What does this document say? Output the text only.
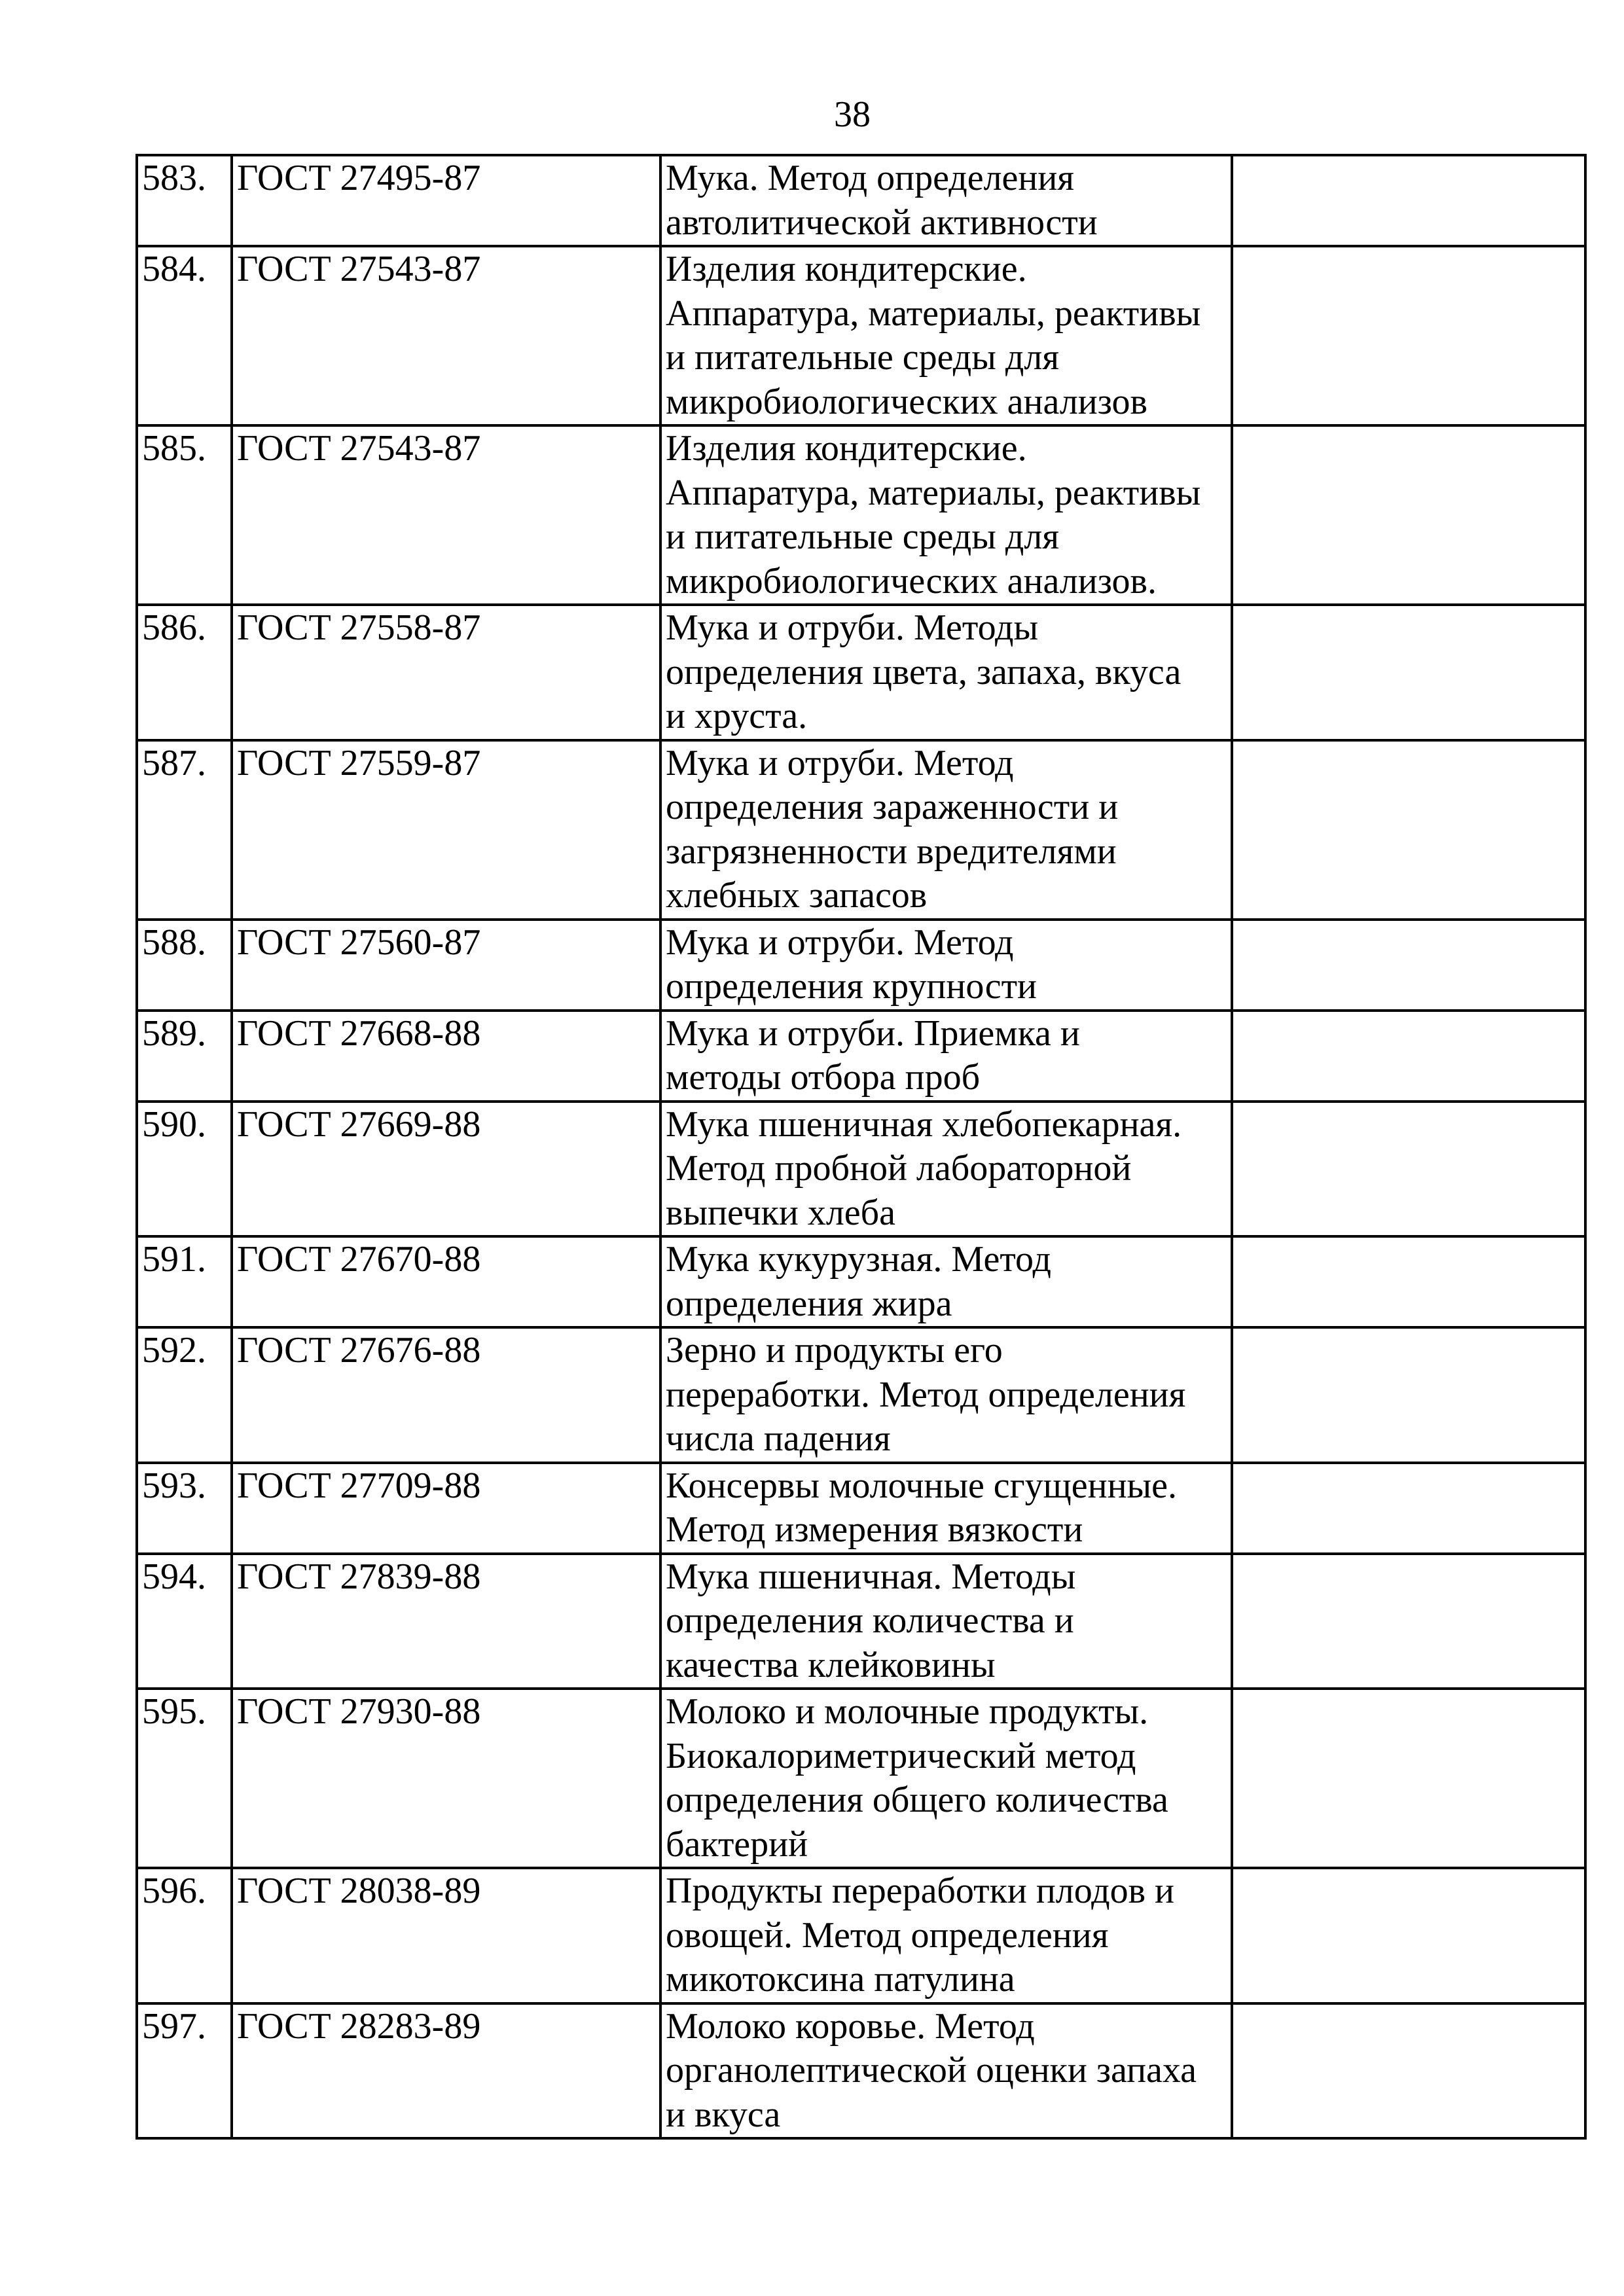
38
583.	ГОСТ 27495-87	Мука. Метод определения
автолитической активности	
584.	ГОСТ 27543-87	Изделия кондитерские.
Аппаратура, материалы, реактивы
и питательные среды для
микробиологических анализов	
585.	ГОСТ 27543-87	Изделия кондитерские.
Аппаратура, материалы, реактивы
и питательные среды для
микробиологических анализов.	
586.	ГОСТ 27558-87	Мука и отруби. Методы
определения цвета, запаха, вкуса
и хруста.	
587.	ГОСТ 27559-87	Мука и отруби. Метод
определения зараженности и
загрязненности вредителями
хлебных запасов	
588.	ГОСТ 27560-87	Мука и отруби. Метод
определения крупности	
589.	ГОСТ 27668-88	Мука и отруби. Приемка и
методы отбора проб	
590.	ГОСТ 27669-88	Мука пшеничная хлебопекарная.
Метод пробной лабораторной
выпечки хлеба	
591.	ГОСТ 27670-88	Мука кукурузная. Метод
определения жира	
592.	ГОСТ 27676-88	Зерно и продукты его
переработки. Метод определения
числа падения	
593.	ГОСТ 27709-88	Консервы молочные сгущенные.
Метод измерения вязкости	
594.	ГОСТ 27839-88	Мука пшеничная. Методы
определения количества и
качества клейковины	
595.	ГОСТ 27930-88	Молоко и молочные продукты.
Биокалориметрический метод
определения общего количества
бактерий	
596.	ГОСТ 28038-89	Продукты переработки плодов и
овощей. Метод определения
микотоксина патулина	
597.	ГОСТ 28283-89	Молоко коровье. Метод
органолептической оценки запаха
и вкуса	
